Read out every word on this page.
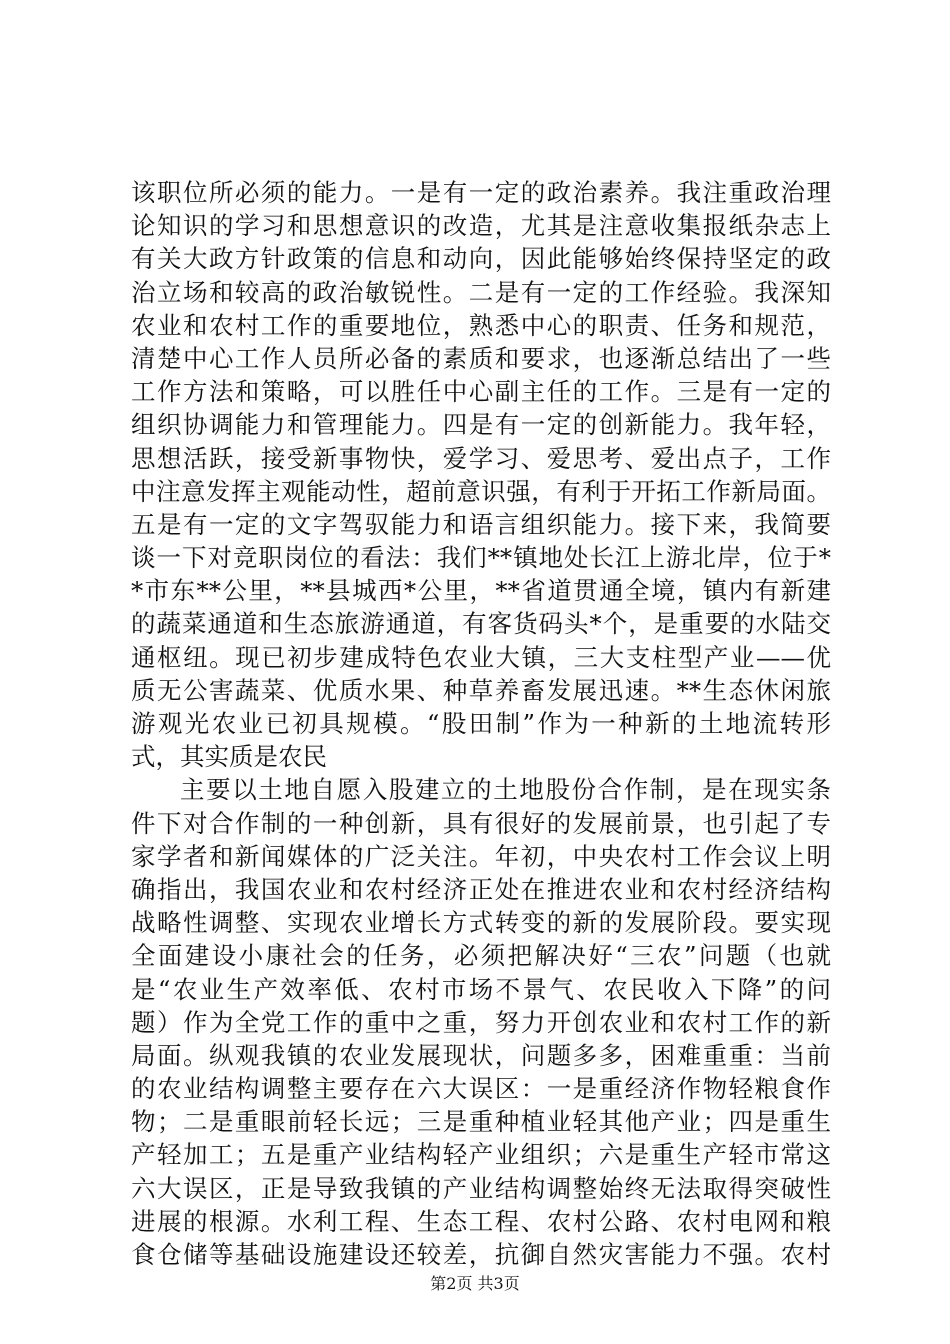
该职位所必须的能力。一是有一定的政治素养。我注重政治理
论知识的学习和思想意识的改造，尤其是注意收集报纸杂志上
有关大政方针政策的信息和动向，因此能够始终保持坚定的政
治立场和较高的政治敏锐性。二是有一定的工作经验。我深知
农业和农村工作的重要地位，熟悉中心的职责、任务和规范，
清楚中心工作人员所必备的素质和要求，也逐渐总结出了一些
工作方法和策略，可以胜任中心副主任的工作。三是有一定的
组织协调能力和管理能力。四是有一定的创新能力。我年轻，
思想活跃，接受新事物快，爱学习、爱思考、爱出点子，工作
中注意发挥主观能动性，超前意识强，有利于开拓工作新局面。
五是有一定的文字驾驭能力和语言组织能力。接下来，我简要
谈一下对竞职岗位的看法：我们**镇地处长江上游北岸，位于*
*市东**公里，**县城西*公里，**省道贯通全境，镇内有新建
的蔬菜通道和生态旅游通道，有客货码头*个，是重要的水陆交
通枢纽。现已初步建成特色农业大镇，三大支柱型产业——优
质无公害蔬菜、优质水果、种草养畜发展迅速。**生态休闲旅
游观光农业已初具规模。“股田制”作为一种新的土地流转形
式，其实质是农民
主要以土地自愿入股建立的土地股份合作制，是在现实条
件下对合作制的一种创新，具有很好的发展前景，也引起了专
家学者和新闻媒体的广泛关注。年初，中央农村工作会议上明
确指出，我国农业和农村经济正处在推进农业和农村经济结构
战略性调整、实现农业增长方式转变的新的发展阶段。要实现
全面建设小康社会的任务，必须把解决好“三农”问题（也就
是“农业生产效率低、农村市场不景气、农民收入下降”的问
题）作为全党工作的重中之重，努力开创农业和农村工作的新
局面。纵观我镇的农业发展现状，问题多多，困难重重：当前
的农业结构调整主要存在六大误区：一是重经济作物轻粮食作
物；二是重眼前轻长远；三是重种植业轻其他产业；四是重生
产轻加工；五是重产业结构轻产业组织；六是重生产轻市常这
六大误区，正是导致我镇的产业结构调整始终无法取得突破性
进展的根源。水利工程、生态工程、农村公路、农村电网和粮
食仓储等基础设施建设还较差，抗御自然灾害能力不强。农村
第2页 共3页
